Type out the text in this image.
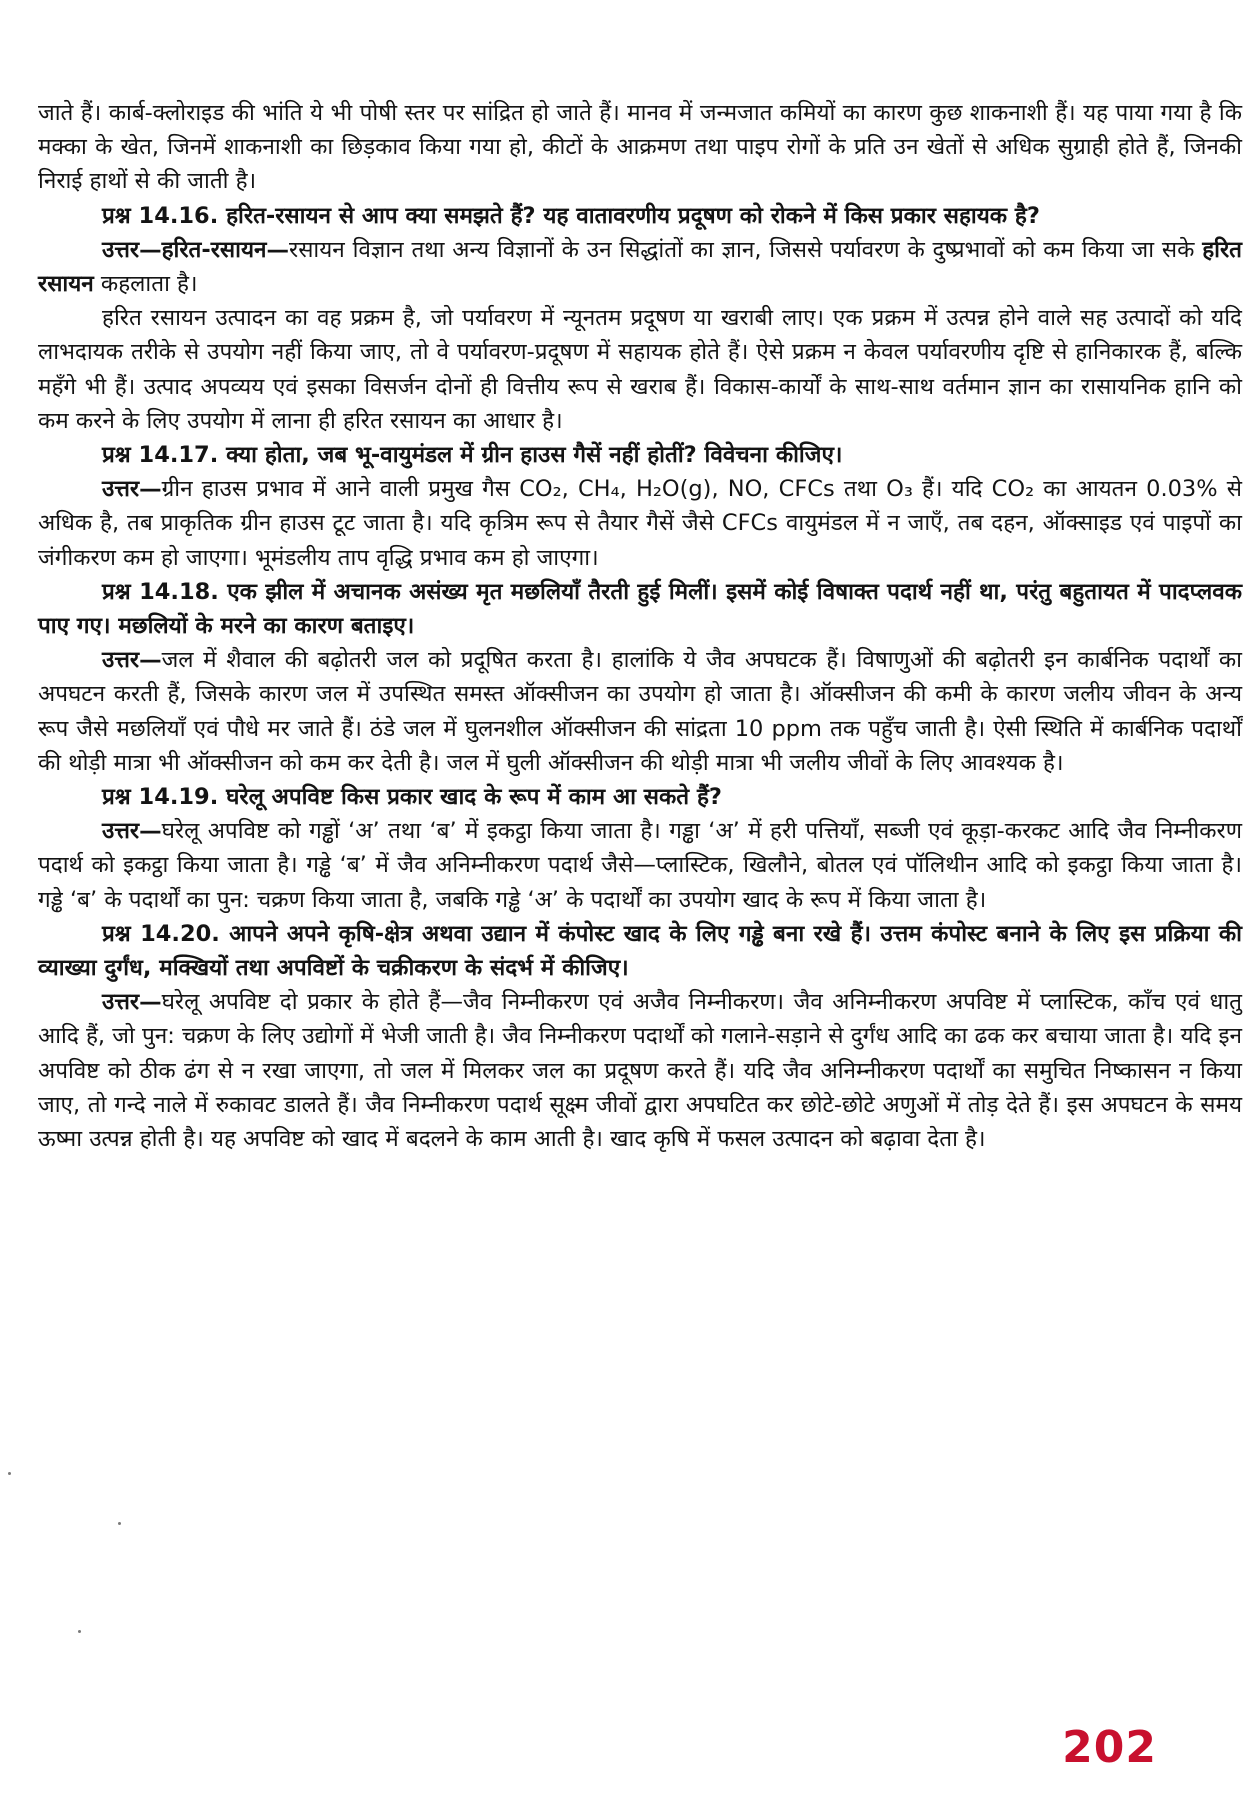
जाते हैं। कार्ब-क्लोराइड की भांति ये भी पोषी स्तर पर सांद्रित हो जाते हैं। मानव में जन्मजात कमियों का कारण कुछ शाकनाशी हैं। यह पाया गया है कि मक्का के खेत, जिनमें शाकनाशी का छिड़काव किया गया हो, कीटों के आक्रमण तथा पाइप रोगों के प्रति उन खेतों से अधिक सुग्राही होते हैं, जिनकी निराई हाथों से की जाती है।

प्रश्न 14.16. हरित-रसायन से आप क्या समझते हैं? यह वातावरणीय प्रदूषण को रोकने में किस प्रकार सहायक है?

उत्तर—हरित-रसायन—रसायन विज्ञान तथा अन्य विज्ञानों के उन सिद्धांतों का ज्ञान, जिससे पर्यावरण के दुष्प्रभावों को कम किया जा सके हरित रसायन कहलाता है।

हरित रसायन उत्पादन का वह प्रक्रम है, जो पर्यावरण में न्यूनतम प्रदूषण या खराबी लाए। एक प्रक्रम में उत्पन्न होने वाले सह उत्पादों को यदि लाभदायक तरीके से उपयोग नहीं किया जाए, तो वे पर्यावरण-प्रदूषण में सहायक होते हैं। ऐसे प्रक्रम न केवल पर्यावरणीय दृष्टि से हानिकारक हैं, बल्कि महँगे भी हैं। उत्पाद अपव्यय एवं इसका विसर्जन दोनों ही वित्तीय रूप से खराब हैं। विकास-कार्यों के साथ-साथ वर्तमान ज्ञान का रासायनिक हानि को कम करने के लिए उपयोग में लाना ही हरित रसायन का आधार है।

प्रश्न 14.17. क्या होता, जब भू-वायुमंडल में ग्रीन हाउस गैसें नहीं होतीं? विवेचना कीजिए।

उत्तर—ग्रीन हाउस प्रभाव में आने वाली प्रमुख गैस CO₂, CH₄, H₂O(g), NO, CFCs तथा O₃ हैं। यदि CO₂ का आयतन 0.03% से अधिक है, तब प्राकृतिक ग्रीन हाउस टूट जाता है। यदि कृत्रिम रूप से तैयार गैसें जैसे CFCs वायुमंडल में न जाएँ, तब दहन, ऑक्साइड एवं पाइपों का जंगीकरण कम हो जाएगा। भूमंडलीय ताप वृद्धि प्रभाव कम हो जाएगा।

प्रश्न 14.18. एक झील में अचानक असंख्य मृत मछलियाँ तैरती हुई मिलीं। इसमें कोई विषाक्त पदार्थ नहीं था, परंतु बहुतायत में पादप्लवक पाए गए। मछलियों के मरने का कारण बताइए।

उत्तर—जल में शैवाल की बढ़ोतरी जल को प्रदूषित करता है। हालांकि ये जैव अपघटक हैं। विषाणुओं की बढ़ोतरी इन कार्बनिक पदार्थों का अपघटन करती हैं, जिसके कारण जल में उपस्थित समस्त ऑक्सीजन का उपयोग हो जाता है। ऑक्सीजन की कमी के कारण जलीय जीवन के अन्य रूप जैसे मछलियाँ एवं पौधे मर जाते हैं। ठंडे जल में घुलनशील ऑक्सीजन की सांद्रता 10 ppm तक पहुँच जाती है। ऐसी स्थिति में कार्बनिक पदार्थों की थोड़ी मात्रा भी ऑक्सीजन को कम कर देती है। जल में घुली ऑक्सीजन की थोड़ी मात्रा भी जलीय जीवों के लिए आवश्यक है।

प्रश्न 14.19. घरेलू अपविष्ट किस प्रकार खाद के रूप में काम आ सकते हैं?

उत्तर—घरेलू अपविष्ट को गड्ढों ‘अ’ तथा ‘ब’ में इकट्ठा किया जाता है। गड्ढा ‘अ’ में हरी पत्तियाँ, सब्जी एवं कूड़ा-करकट आदि जैव निम्नीकरण पदार्थ को इकट्ठा किया जाता है। गड्ढे ‘ब’ में जैव अनिम्नीकरण पदार्थ जैसे—प्लास्टिक, खिलौने, बोतल एवं पॉलिथीन आदि को इकट्ठा किया जाता है। गड्ढे ‘ब’ के पदार्थों का पुन: चक्रण किया जाता है, जबकि गड्ढे ‘अ’ के पदार्थों का उपयोग खाद के रूप में किया जाता है।

प्रश्न 14.20. आपने अपने कृषि-क्षेत्र अथवा उद्यान में कंपोस्ट खाद के लिए गड्ढे बना रखे हैं। उत्तम कंपोस्ट बनाने के लिए इस प्रक्रिया की व्याख्या दुर्गंध, मक्खियों तथा अपविष्टों के चक्रीकरण के संदर्भ में कीजिए।

उत्तर—घरेलू अपविष्ट दो प्रकार के होते हैं—जैव निम्नीकरण एवं अजैव निम्नीकरण। जैव अनिम्नीकरण अपविष्ट में प्लास्टिक, काँच एवं धातु आदि हैं, जो पुन: चक्रण के लिए उद्योगों में भेजी जाती है। जैव निम्नीकरण पदार्थों को गलाने-सड़ाने से दुर्गंध आदि का ढक कर बचाया जाता है। यदि इन अपविष्ट को ठीक ढंग से न रखा जाएगा, तो जल में मिलकर जल का प्रदूषण करते हैं। यदि जैव अनिम्नीकरण पदार्थों का समुचित निष्कासन न किया जाए, तो गन्दे नाले में रुकावट डालते हैं। जैव निम्नीकरण पदार्थ सूक्ष्म जीवों द्वारा अपघटित कर छोटे-छोटे अणुओं में तोड़ देते हैं। इस अपघटन के समय ऊष्मा उत्पन्न होती है। यह अपविष्ट को खाद में बदलने के काम आती है। खाद कृषि में फसल उत्पादन को बढ़ावा देता है।

202
